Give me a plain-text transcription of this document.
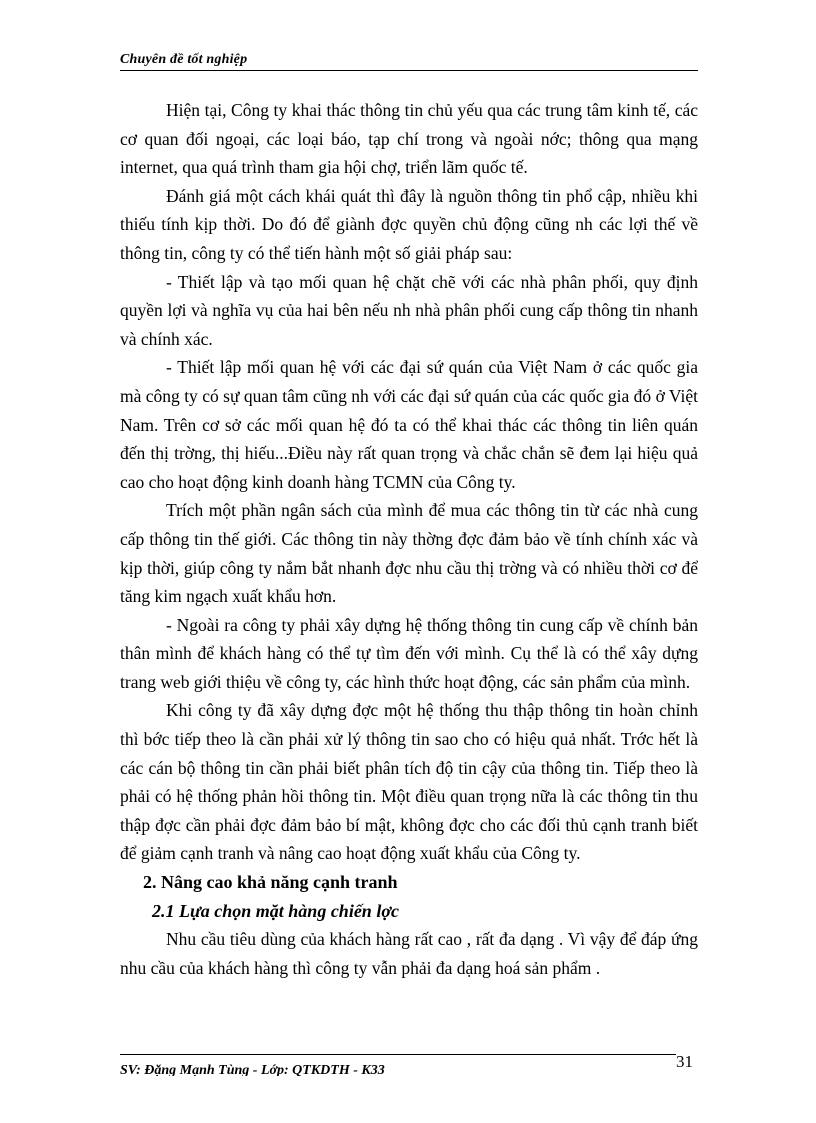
Chuyên đề tốt nghiệp

Hiện tại, Công ty khai thác thông tin chủ yếu qua các trung tâm kinh tế, các cơ quan đối ngoại, các loại báo, tạp chí trong và ngoài nớc; thông qua mạng internet, qua quá trình tham gia hội chợ, triển lãm quốc tế.

Đánh giá một cách khái quát thì đây là nguồn thông tin phổ cập, nhiều khi thiếu tính kịp thời. Do đó để giành đợc quyền chủ động cũng nh các lợi thế về thông tin, công ty có thể tiến hành một số giải pháp sau:

- Thiết lập và tạo mối quan hệ chặt chẽ với các nhà phân phối, quy định quyền lợi và nghĩa vụ của hai bên nếu nh nhà phân phối cung cấp thông tin nhanh và chính xác.

- Thiết lập mối quan hệ với các đại sứ quán của Việt Nam ở các quốc gia mà công ty có sự quan tâm cũng nh với các đại sứ quán của các quốc gia đó ở Việt Nam. Trên cơ sở các mối quan hệ đó ta có thể khai thác các thông tin liên quán đến thị trờng, thị hiếu...Điều này rất quan trọng và chắc chắn sẽ đem lại hiệu quả cao cho hoạt động kinh doanh hàng TCMN của Công ty.

Trích một phần ngân sách của mình để mua các thông tin từ các nhà cung cấp thông tin thế giới. Các thông tin này thờng đợc đảm bảo về tính chính xác và kịp thời, giúp công ty nắm bắt nhanh đợc nhu cầu thị trờng và có nhiều thời cơ để tăng kim ngạch xuất khẩu hơn.

- Ngoài ra công ty phải xây dựng hệ thống thông tin cung cấp về chính bản thân mình để khách hàng có thể tự tìm đến với mình. Cụ thể là có thể xây dựng trang web giới thiệu về công ty, các hình thức hoạt động, các sản phẩm của mình.

Khi công ty đã xây dựng đợc một hệ thống thu thập thông tin hoàn chỉnh thì bớc tiếp theo là cần phải xử lý thông tin sao cho có hiệu quả nhất. Trớc hết là các cán bộ thông tin cần phải biết phân tích độ tin cậy của thông tin. Tiếp theo là phải có hệ thống phản hồi thông tin. Một điều quan trọng nữa là các thông tin thu thập đợc cần phải đợc đảm bảo bí mật, không đợc cho các đối thủ cạnh tranh biết để giảm cạnh tranh và nâng cao hoạt động xuất khẩu của Công ty.

2. Nâng cao khả năng cạnh tranh

2.1 Lựa chọn mặt hàng chiến lợc

Nhu cầu tiêu dùng của khách hàng rất cao , rất đa dạng . Vì vậy để đáp ứng nhu cầu của khách hàng thì công ty vẫn phải đa dạng hoá sản phẩm .

SV: Đặng Mạnh Tùng - Lớp: QTKDTH - K33	31
